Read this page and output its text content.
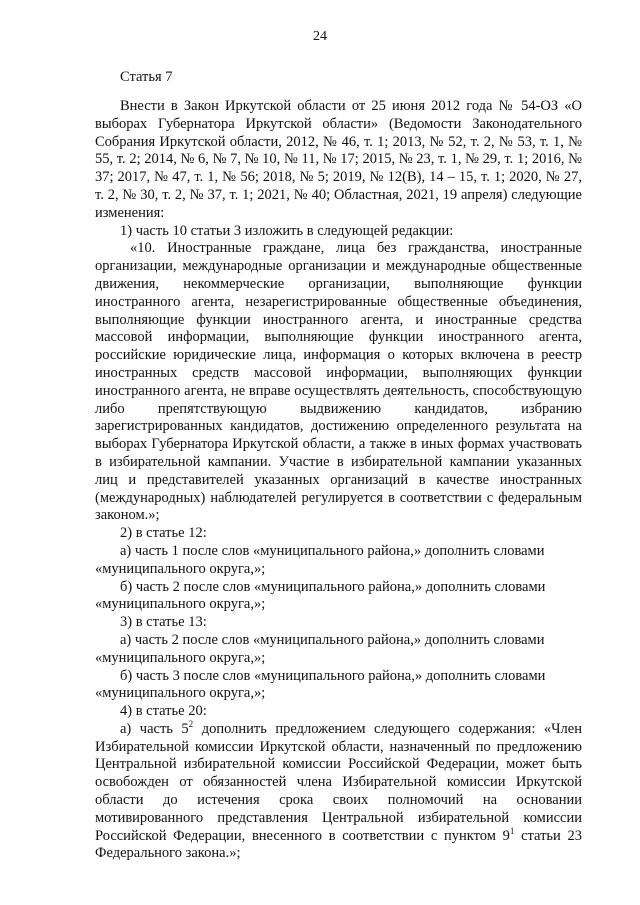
24
Статья 7

Внести в Закон Иркутской области от 25 июня 2012 года № 54-ОЗ «О выборах Губернатора Иркутской области» (Ведомости Законодательного Собрания Иркутской области, 2012, № 46, т. 1; 2013, № 52, т. 2, № 53, т. 1, № 55, т. 2; 2014, № 6, № 7, № 10, № 11, № 17; 2015, № 23, т. 1, № 29, т. 1; 2016, № 37; 2017, № 47, т. 1, № 56; 2018, № 5; 2019, № 12(В), 14 – 15, т. 1; 2020, № 27, т. 2, № 30, т. 2, № 37, т. 1; 2021, № 40; Областная, 2021, 19 апреля) следующие изменения:

1) часть 10 статьи 3 изложить в следующей редакции:

«10. Иностранные граждане, лица без гражданства, иностранные организации, международные организации и международные общественные движения, некоммерческие организации, выполняющие функции иностранного агента, незарегистрированные общественные объединения, выполняющие функции иностранного агента, и иностранные средства массовой информации, выполняющие функции иностранного агента, российские юридические лица, информация о которых включена в реестр иностранных средств массовой информации, выполняющих функции иностранного агента, не вправе осуществлять деятельность, способствующую либо препятствующую выдвижению кандидатов, избранию зарегистрированных кандидатов, достижению определенного результата на выборах Губернатора Иркутской области, а также в иных формах участвовать в избирательной кампании. Участие в избирательной кампании указанных лиц и представителей указанных организаций в качестве иностранных (международных) наблюдателей регулируется в соответствии с федеральным законом.»;

2) в статье 12:

а) часть 1 после слов «муниципального района,» дополнить словами

«муниципального округа,»;

б) часть 2 после слов «муниципального района,» дополнить словами

«муниципального округа,»;

3) в статье 13:

а) часть 2 после слов «муниципального района,» дополнить словами

«муниципального округа,»;

б) часть 3 после слов «муниципального района,» дополнить словами

«муниципального округа,»;

4) в статье 20:

а) часть $5^2$ дополнить предложением следующего содержания: «Член Избирательной комиссии Иркутской области, назначенный по предложению Центральной избирательной комиссии Российской Федерации, может быть освобожден от обязанностей члена Избирательной комиссии Иркутской области до истечения срока своих полномочий на основании мотивированного представления Центральной избирательной комиссии Российской Федерации, внесенного в соответствии с пунктом $9^1$ статьи 23 Федерального закона.»;
